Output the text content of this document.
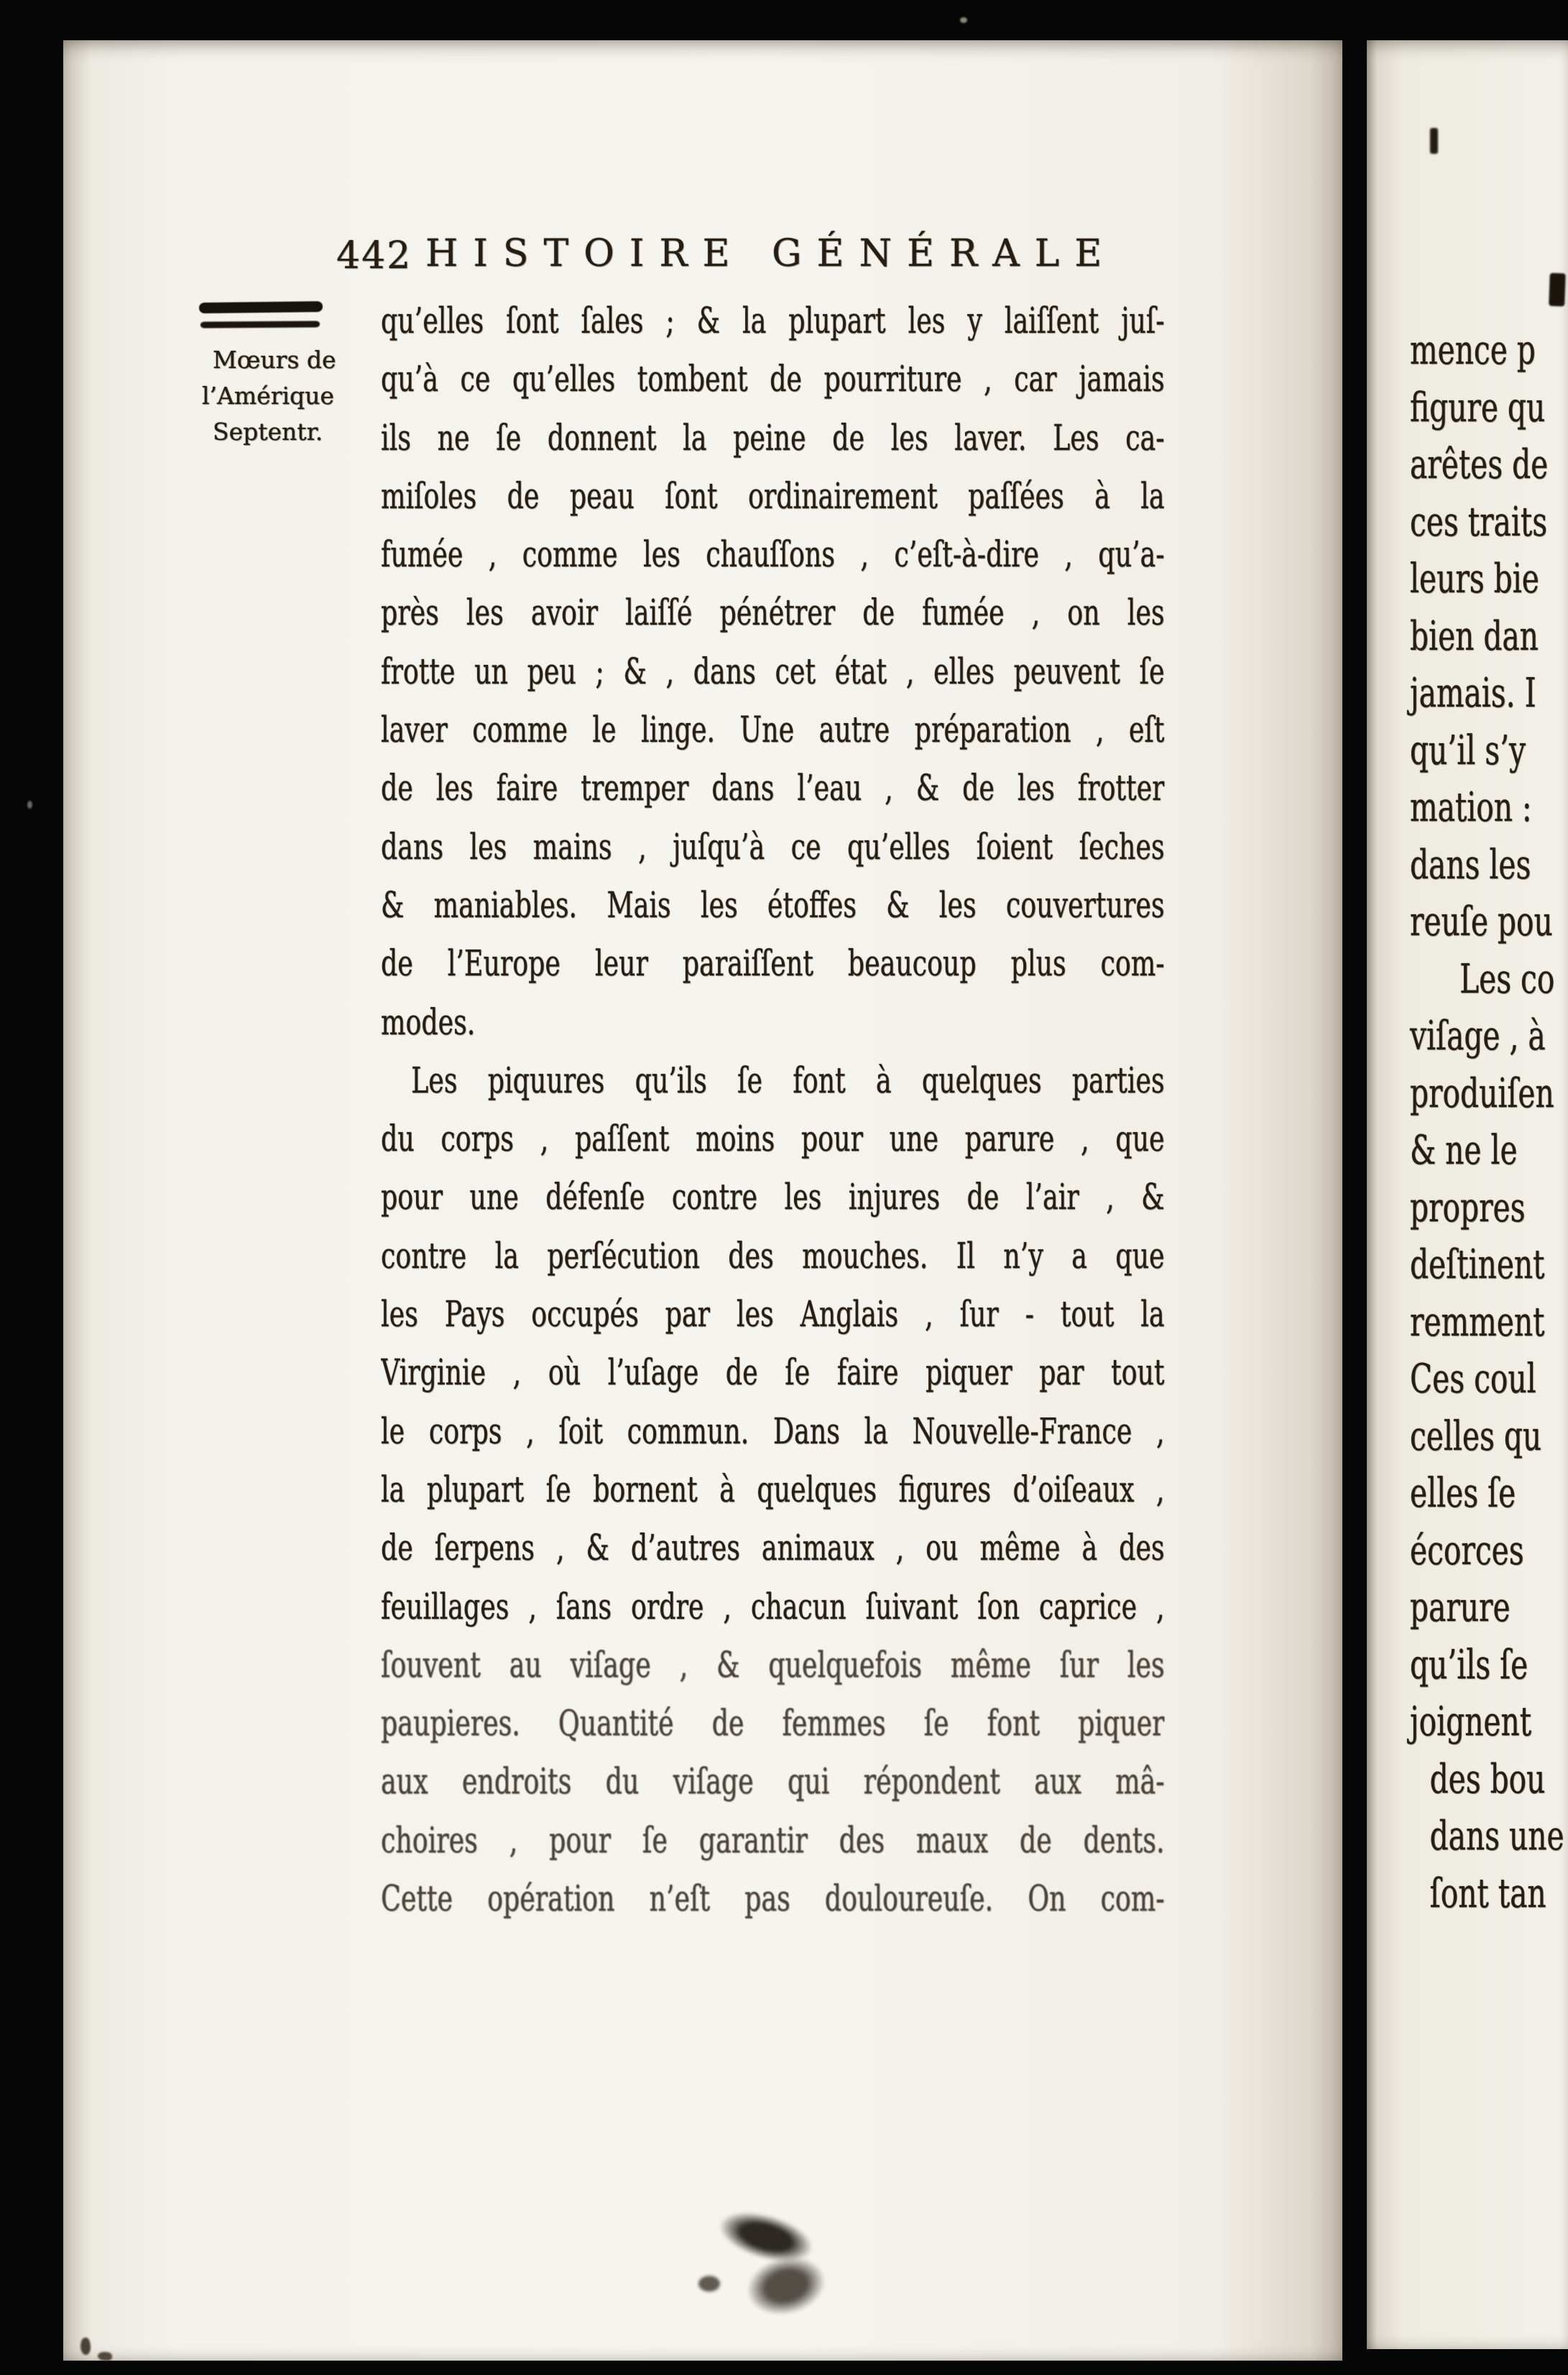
442 HISTOIRE GÉNÉRALE
Mœurs de
l’Amérique
Septentr.
qu’elles ſont ſales ; & la plupart les y laiſſent juſ-
qu’à ce qu’elles tombent de pourriture , car jamais
ils ne ſe donnent la peine de les laver. Les ca-
miſoles de peau ſont ordinairement paſſées à la
fumée , comme les chauſſons , c’eſt-à-dire , qu’a-
près les avoir laiſſé pénétrer de fumée , on les
frotte un peu ; & , dans cet état , elles peuvent ſe
laver comme le linge. Une autre préparation , eſt
de les faire tremper dans l’eau , & de les frotter
dans les mains , juſqu’à ce qu’elles ſoient ſeches
& maniables. Mais les étoffes & les couvertures
de l’Europe leur paraiſſent beaucoup plus com-
modes.
Les piquures qu’ils ſe font à quelques parties
du corps , paſſent moins pour une parure , que
pour une défenſe contre les injures de l’air , &
contre la perſécution des mouches. Il n’y a que
les Pays occupés par les Anglais , ſur - tout la
Virginie , où l’uſage de ſe faire piquer par tout
le corps , ſoit commun. Dans la Nouvelle-France ,
la plupart ſe bornent à quelques figures d’oiſeaux ,
de ſerpens , & d’autres animaux , ou même à des
feuillages , ſans ordre , chacun ſuivant ſon caprice ,
ſouvent au viſage , & quelquefois même ſur les
paupieres. Quantité de femmes ſe font piquer
aux endroits du viſage qui répondent aux mâ-
choires , pour ſe garantir des maux de dents.
Cette opération n’eſt pas douloureuſe. On com-
mence p
figure qu
arêtes de
ces traits
leurs bie
bien dan
jamais. I
qu’il s’y
mation :
dans les
reuſe pou
Les co
viſage , à
produiſen
& ne le
propres
deſtinent
remment
Ces coul
celles qu
elles ſe
écorces
parure
qu’ils ſe
joignent
des bou
dans une
ſont tan
